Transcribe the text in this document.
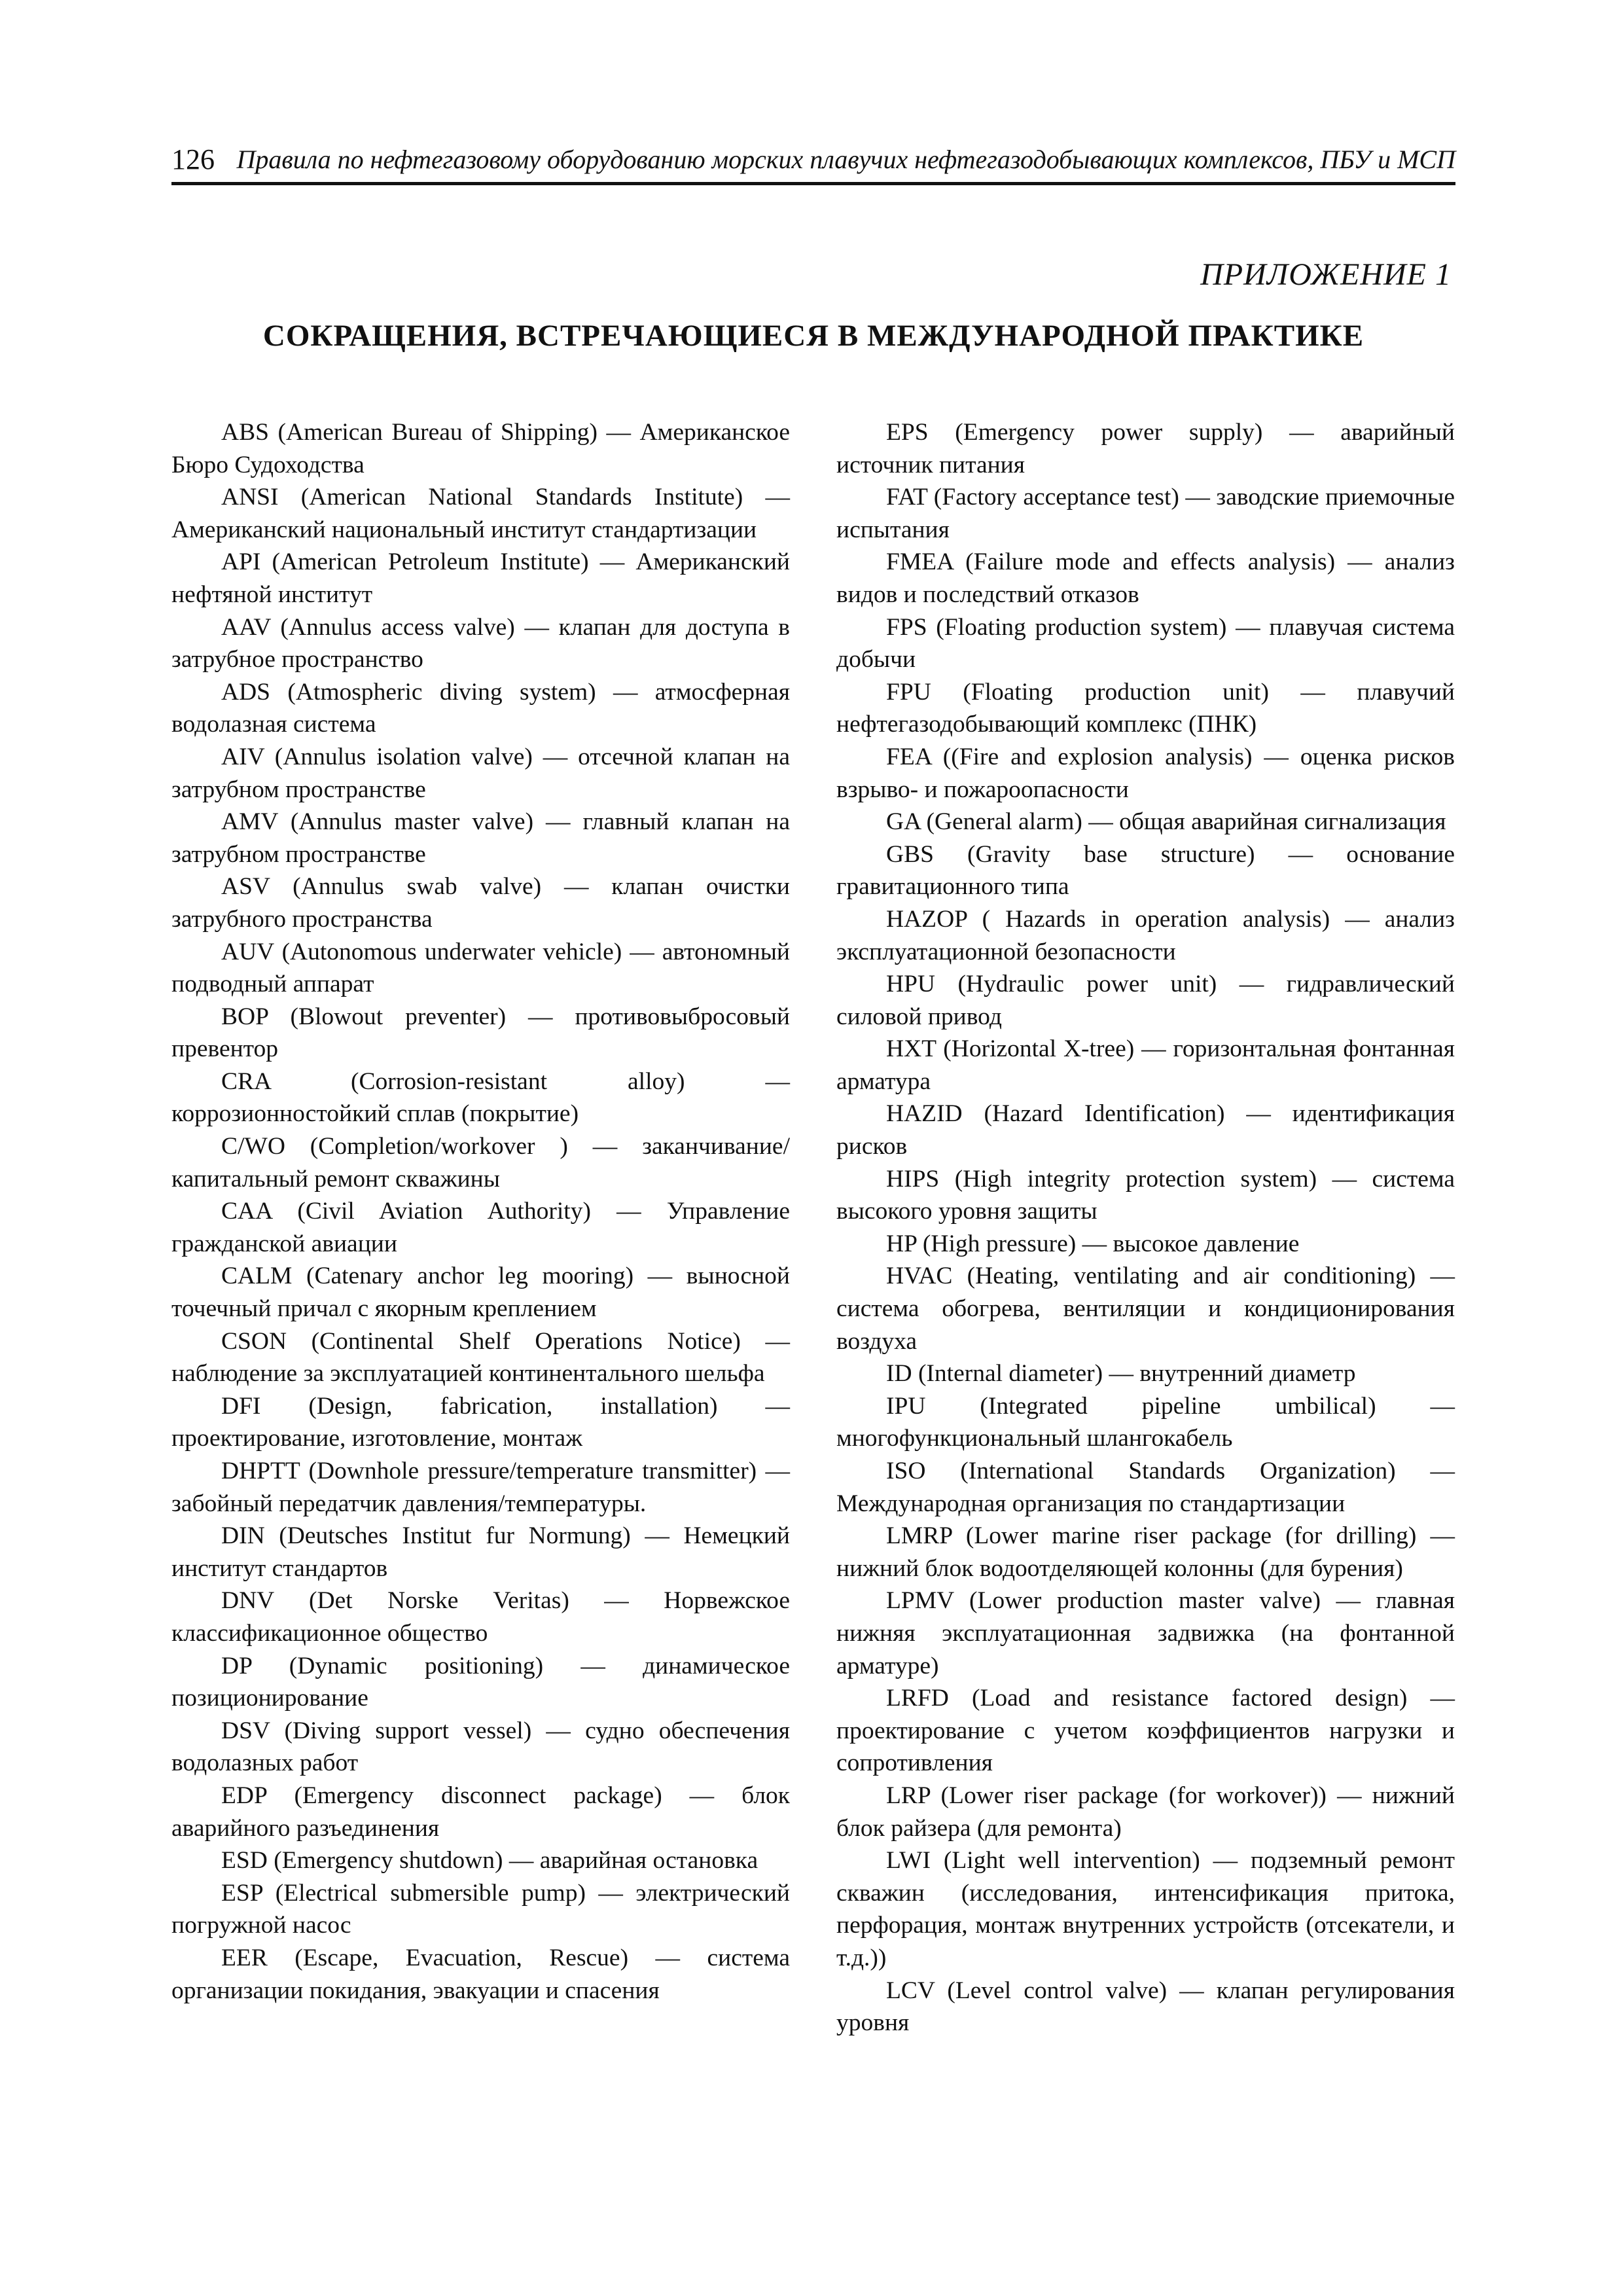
126 Правила по нефтегазовому оборудованию морских плавучих нефтегазодобывающих комплексов, ПБУ и МСП
ПРИЛОЖЕНИЕ 1
СОКРАЩЕНИЯ, ВСТРЕЧАЮЩИЕСЯ В МЕЖДУНАРОДНОЙ ПРАКТИКЕ

ABS (American Bureau of Shipping) — Американское Бюро Судоходства

ANSI (American National Standards Institute) — Американский национальный институт стандартизации

API (American Petroleum Institute) — Американский нефтяной институт

AAV (Annulus access valve) — клапан для доступа в затрубное пространство

ADS (Atmospheric diving system) — атмосферная водолазная система

AIV (Annulus isolation valve) — отсечной клапан на затрубном пространстве

AMV (Annulus master valve) — главный клапан на затрубном пространстве

ASV (Annulus swab valve) — клапан очистки затрубного пространства

AUV (Autonomous underwater vehicle) — автономный подводный аппарат

BOP (Blowout preventer) — противовыбросовый превентор

CRA (Corrosion-resistant alloy) — коррозионностойкий сплав (покрытие)

C/WO (Completion/workover ) — заканчивание/капитальный ремонт скважины

CAA (Civil Aviation Authority) — Управление гражданской авиации

CALM (Catenary anchor leg mooring) — выносной точечный причал с якорным креплением

CSON (Continental Shelf Operations Notice) — наблюдение за эксплуатацией континентального шельфа

DFI (Design, fabrication, installation) — проектирование, изготовление, монтаж

DHPTT (Downhole pressure/temperature transmitter) — забойный передатчик давления/температуры.

DIN (Deutsches Institut fur Normung) — Немецкий институт стандартов

DNV (Det Norske Veritas) — Норвежское классификационное общество

DP (Dynamic positioning) — динамическое позиционирование

DSV (Diving support vessel) — судно обеспечения водолазных работ

EDP (Emergency disconnect package) — блок аварийного разъединения

ESD (Emergency shutdown) — аварийная остановка

ESP (Electrical submersible pump) — электрический погружной насос

EER (Escape, Evacuation, Rescue) — система организации покидания, эвакуации и спасения

EPS (Emergency power supply) — аварийный источник питания

FAT (Factory acceptance test) — заводские приемочные испытания

FMEA (Failure mode and effects analysis) — анализ видов и последствий отказов

FPS (Floating production system) — плавучая система добычи

FPU (Floating production unit) — плавучий нефтегазодобывающий комплекс (ПНК)

FEA ((Fire and explosion analysis) — оценка рисков взрыво- и пожароопасности

GA (General alarm) — общая аварийная сигнализация

GBS (Gravity base structure) — основание гравитационного типа

HAZOP ( Hazards in operation analysis) — анализ эксплуатационной безопасности

HPU (Hydraulic power unit) — гидравлический силовой привод

HXT (Horizontal X-tree) — горизонтальная фонтанная арматура

HAZID (Hazard Identification) — идентификация рисков

HIPS (High integrity protection system) — система высокого уровня защиты

HP (High pressure) — высокое давление

HVAC (Heating, ventilating and air conditioning) — система обогрева, вентиляции и кондиционирования воздуха

ID (Internal diameter) — внутренний диаметр

IPU (Integrated pipeline umbilical) — многофункциональный шлангокабель

ISO (International Standards Organization) — Международная организация по стандартизации

LMRP (Lower marine riser package (for drilling) — нижний блок водоотделяющей колонны (для бурения)

LPMV (Lower production master valve) — главная нижняя эксплуатационная задвижка (на фонтанной арматуре)

LRFD (Load and resistance factored design) — проектирование с учетом коэффициентов нагрузки и сопротивления

LRP (Lower riser package (for workover)) — нижний блок райзера (для ремонта)

LWI (Light well intervention) — подземный ремонт скважин (исследования, интенсификация притока, перфорация, монтаж внутренних устройств (отсекатели, и т.д.))

LCV (Level control valve) — клапан регулирования уровня
